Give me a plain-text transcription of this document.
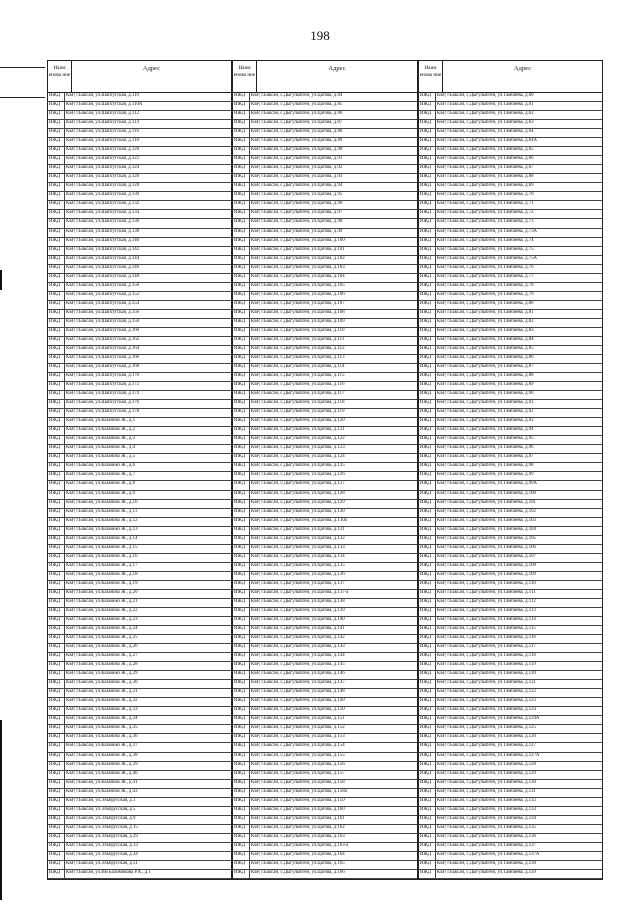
198
Наим енова ние
Адрес
ИЖД	КБР, г.Баксан, ул.Шапсугская, д.110
ИЖД	КБР, г.Баксан, ул.Шапсугская, д.110А
ИЖД	КБР, г.Баксан, ул.Шапсугская, д.112
ИЖД	КБР, г.Баксан, ул.Шапсугская, д.114
ИЖД	КБР, г.Баксан, ул.Шапсугская, д.116
ИЖД	КБР, г.Баксан, ул.Шапсугская, д.118
ИЖД	КБР, г.Баксан, ул.Шапсугская, д.120
ИЖД	КБР, г.Баксан, ул.Шапсугская, д.122
ИЖД	КБР, г.Баксан, ул.Шапсугская, д.124
ИЖД	КБР, г.Баксан, ул.Шапсугская, д.126
ИЖД	КБР, г.Баксан, ул.Шапсугская, д.128
ИЖД	КБР, г.Баксан, ул.Шапсугская, д.130
ИЖД	КБР, г.Баксан, ул.Шапсугская, д.132
ИЖД	КБР, г.Баксан, ул.Шапсугская, д.134
ИЖД	КБР, г.Баксан, ул.Шапсугская, д.136
ИЖД	КБР, г.Баксан, ул.Шапсугская, д.138
ИЖД	КБР, г.Баксан, ул.Шапсугская, д.140
ИЖД	КБР, г.Баксан, ул.Шапсугская, д.142
ИЖД	КБР, г.Баксан, ул.Шапсугская, д.144
ИЖД	КБР, г.Баксан, ул.Шапсугская, д.146
ИЖД	КБР, г.Баксан, ул.Шапсугская, д.148
ИЖД	КБР, г.Баксан, ул.Шапсугская, д.150
ИЖД	КБР, г.Баксан, ул.Шапсугская, д.152
ИЖД	КБР, г.Баксан, ул.Шапсугская, д.154
ИЖД	КБР, г.Баксан, ул.Шапсугская, д.156
ИЖД	КБР, г.Баксан, ул.Шапсугская, д.158
ИЖД	КБР, г.Баксан, ул.Шапсугская, д.160
ИЖД	КБР, г.Баксан, ул.Шапсугская, д.162
ИЖД	КБР, г.Баксан, ул.Шапсугская, д.164
ИЖД	КБР, г.Баксан, ул.Шапсугская, д.166
ИЖД	КБР, г.Баксан, ул.Шапсугская, д.168
ИЖД	КБР, г.Баксан, ул.Шапсугская, д.170
ИЖД	КБР, г.Баксан, ул.Шапсугская, д.172
ИЖД	КБР, г.Баксан, ул.Шапсугская, д.174
ИЖД	КБР, г.Баксан, ул.Шапсугская, д.176
ИЖД	КБР, г.Баксан, ул.Шапсугская, д.178
ИЖД	КБР, г.Баксан, ул.Казаноко Ж., д.1
ИЖД	КБР, г.Баксан, ул.Казаноко Ж., д.2
ИЖД	КБР, г.Баксан, ул.Казаноко Ж., д.3
ИЖД	КБР, г.Баксан, ул.Казаноко Ж., д.4
ИЖД	КБР, г.Баксан, ул.Казаноко Ж., д.5
ИЖД	КБР, г.Баксан, ул.Казаноко Ж., д.6
ИЖД	КБР, г.Баксан, ул.Казаноко Ж., д.7
ИЖД	КБР, г.Баксан, ул.Казаноко Ж., д.8
ИЖД	КБР, г.Баксан, ул.Казаноко Ж., д.9
ИЖД	КБР, г.Баксан, ул.Казаноко Ж., д.10
ИЖД	КБР, г.Баксан, ул.Казаноко Ж., д.11
ИЖД	КБР, г.Баксан, ул.Казаноко Ж., д.12
ИЖД	КБР, г.Баксан, ул.Казаноко Ж., д.13
ИЖД	КБР, г.Баксан, ул.Казаноко Ж., д.14
ИЖД	КБР, г.Баксан, ул.Казаноко Ж., д.15
ИЖД	КБР, г.Баксан, ул.Казаноко Ж., д.16
ИЖД	КБР, г.Баксан, ул.Казаноко Ж., д.17
ИЖД	КБР, г.Баксан, ул.Казаноко Ж., д.18
ИЖД	КБР, г.Баксан, ул.Казаноко Ж., д.19
ИЖД	КБР, г.Баксан, ул.Казаноко Ж., д.20
ИЖД	КБР, г.Баксан, ул.Казаноко Ж., д.21
ИЖД	КБР, г.Баксан, ул.Казаноко Ж., д.22
ИЖД	КБР, г.Баксан, ул.Казаноко Ж., д.23
ИЖД	КБР, г.Баксан, ул.Казаноко Ж., д.24
ИЖД	КБР, г.Баксан, ул.Казаноко Ж., д.25
ИЖД	КБР, г.Баксан, ул.Казаноко Ж., д.26
ИЖД	КБР, г.Баксан, ул.Казаноко Ж., д.27
ИЖД	КБР, г.Баксан, ул.Казаноко Ж., д.28
ИЖД	КБР, г.Баксан, ул.Казаноко Ж., д.29
ИЖД	КБР, г.Баксан, ул.Казаноко Ж., д.30
ИЖД	КБР, г.Баксан, ул.Казаноко Ж., д.31
ИЖД	КБР, г.Баксан, ул.Казаноко Ж., д.32
ИЖД	КБР, г.Баксан, ул.Казаноко Ж., д.33
ИЖД	КБР, г.Баксан, ул.Казаноко Ж., д.34
ИЖД	КБР, г.Баксан, ул.Казаноко Ж., д.35
ИЖД	КБР, г.Баксан, ул.Казаноко Ж., д.36
ИЖД	КБР, г.Баксан, ул.Казаноко Ж., д.37
ИЖД	КБР, г.Баксан, ул.Казаноко Ж., д.38
ИЖД	КБР, г.Баксан, ул.Казаноко Ж., д.39
ИЖД	КБР, г.Баксан, ул.Казаноко Ж., д.40
ИЖД	КБР, г.Баксан, ул.Казаноко Ж., д.41
ИЖД	КБР, г.Баксан, ул.Казаноко Ж., д.43
ИЖД	КБР, г.Баксан, ул.Эльбрусская, д.1
ИЖД	КБР, г.Баксан, ул.Эльбрусская, д.5
ИЖД	КБР, г.Баксан, ул.Эльбрусская, д.9
ИЖД	КБР, г.Баксан, ул.Эльбрусская, д.15
ИЖД	КБР, г.Баксан, ул.Эльбрусская, д.29
ИЖД	КБР, г.Баксан, ул.Эльбрусская, д.33
ИЖД	КБР, г.Баксан, ул.Эльбрусская, д.34
ИЖД	КБР, г.Баксан, ул.Эльбрусская, д.51
ИЖД	КБР, г.Баксан, ул.Им Балимикова Р.А., д.1
Наим енова ние
Адрес
ИЖД	КБР, г.Баксан, с.Дыгулыбгей, ул.Цагова, д.84
ИЖД	КБР, г.Баксан, с.Дыгулыбгей, ул.Цагова, д.85
ИЖД	КБР, г.Баксан, с.Дыгулыбгей, ул.Цагова, д.86
ИЖД	КБР, г.Баксан, с.Дыгулыбгей, ул.Цагова, д.87
ИЖД	КБР, г.Баксан, с.Дыгулыбгей, ул.Цагова, д.88
ИЖД	КБР, г.Баксан, с.Дыгулыбгей, ул.Цагова, д.89
ИЖД	КБР, г.Баксан, с.Дыгулыбгей, ул.Цагова, д.90
ИЖД	КБР, г.Баксан, с.Дыгулыбгей, ул.Цагова, д.91
ИЖД	КБР, г.Баксан, с.Дыгулыбгей, ул.Цагова, д.92
ИЖД	КБР, г.Баксан, с.Дыгулыбгей, ул.Цагова, д.93
ИЖД	КБР, г.Баксан, с.Дыгулыбгей, ул.Цагова, д.94
ИЖД	КБР, г.Баксан, с.Дыгулыбгей, ул.Цагова, д.95
ИЖД	КБР, г.Баксан, с.Дыгулыбгей, ул.Цагова, д.96
ИЖД	КБР, г.Баксан, с.Дыгулыбгей, ул.Цагова, д.97
ИЖД	КБР, г.Баксан, с.Дыгулыбгей, ул.Цагова, д.98
ИЖД	КБР, г.Баксан, с.Дыгулыбгей, ул.Цагова, д.99
ИЖД	КБР, г.Баксан, с.Дыгулыбгей, ул.Цагова, д.100
ИЖД	КБР, г.Баксан, с.Дыгулыбгей, ул.Цагова, д.101
ИЖД	КБР, г.Баксан, с.Дыгулыбгей, ул.Цагова, д.102
ИЖД	КБР, г.Баксан, с.Дыгулыбгей, ул.Цагова, д.103
ИЖД	КБР, г.Баксан, с.Дыгулыбгей, ул.Цагова, д.104
ИЖД	КБР, г.Баксан, с.Дыгулыбгей, ул.Цагова, д.105
ИЖД	КБР, г.Баксан, с.Дыгулыбгей, ул.Цагова, д.106
ИЖД	КБР, г.Баксан, с.Дыгулыбгей, ул.Цагова, д.107
ИЖД	КБР, г.Баксан, с.Дыгулыбгей, ул.Цагова, д.108
ИЖД	КБР, г.Баксан, с.Дыгулыбгей, ул.Цагова, д.109
ИЖД	КБР, г.Баксан, с.Дыгулыбгей, ул.Цагова, д.110
ИЖД	КБР, г.Баксан, с.Дыгулыбгей, ул.Цагова, д.111
ИЖД	КБР, г.Баксан, с.Дыгулыбгей, ул.Цагова, д.112
ИЖД	КБР, г.Баксан, с.Дыгулыбгей, ул.Цагова, д.113
ИЖД	КБР, г.Баксан, с.Дыгулыбгей, ул.Цагова, д.114
ИЖД	КБР, г.Баксан, с.Дыгулыбгей, ул.Цагова, д.115
ИЖД	КБР, г.Баксан, с.Дыгулыбгей, ул.Цагова, д.116
ИЖД	КБР, г.Баксан, с.Дыгулыбгей, ул.Цагова, д.117
ИЖД	КБР, г.Баксан, с.Дыгулыбгей, ул.Цагова, д.118
ИЖД	КБР, г.Баксан, с.Дыгулыбгей, ул.Цагова, д.119
ИЖД	КБР, г.Баксан, с.Дыгулыбгей, ул.Цагова, д.120
ИЖД	КБР, г.Баксан, с.Дыгулыбгей, ул.Цагова, д.121
ИЖД	КБР, г.Баксан, с.Дыгулыбгей, ул.Цагова, д.122
ИЖД	КБР, г.Баксан, с.Дыгулыбгей, ул.Цагова, д.123
ИЖД	КБР, г.Баксан, с.Дыгулыбгей, ул.Цагова, д.124
ИЖД	КБР, г.Баксан, с.Дыгулыбгей, ул.Цагова, д.125
ИЖД	КБР, г.Баксан, с.Дыгулыбгей, ул.Цагова, д.126
ИЖД	КБР, г.Баксан, с.Дыгулыбгей, ул.Цагова, д.127
ИЖД	КБР, г.Баксан, с.Дыгулыбгей, ул.Цагова, д.128
ИЖД	КБР, г.Баксан, с.Дыгулыбгей, ул.Цагова, д.129
ИЖД	КБР, г.Баксан, с.Дыгулыбгей, ул.Цагова, д.130
ИЖД	КБР, г.Баксан, с.Дыгулыбгей, ул.Цагова, д.130а
ИЖД	КБР, г.Баксан, с.Дыгулыбгей, ул.Цагова, д.131
ИЖД	КБР, г.Баксан, с.Дыгулыбгей, ул.Цагова, д.132
ИЖД	КБР, г.Баксан, с.Дыгулыбгей, ул.Цагова, д.133
ИЖД	КБР, г.Баксан, с.Дыгулыбгей, ул.Цагова, д.134
ИЖД	КБР, г.Баксан, с.Дыгулыбгей, ул.Цагова, д.135
ИЖД	КБР, г.Баксан, с.Дыгулыбгей, ул.Цагова, д.136
ИЖД	КБР, г.Баксан, с.Дыгулыбгей, ул.Цагова, д.137
ИЖД	КБР, г.Баксан, с.Дыгулыбгей, ул.Цагова, д.137-а
ИЖД	КБР, г.Баксан, с.Дыгулыбгей, ул.Цагова, д.138
ИЖД	КБР, г.Баксан, с.Дыгулыбгей, ул.Цагова, д.139
ИЖД	КБР, г.Баксан, с.Дыгулыбгей, ул.Цагова, д.140
ИЖД	КБР, г.Баксан, с.Дыгулыбгей, ул.Цагова, д.141
ИЖД	КБР, г.Баксан, с.Дыгулыбгей, ул.Цагова, д.142
ИЖД	КБР, г.Баксан, с.Дыгулыбгей, ул.Цагова, д.143
ИЖД	КБР, г.Баксан, с.Дыгулыбгей, ул.Цагова, д.144
ИЖД	КБР, г.Баксан, с.Дыгулыбгей, ул.Цагова, д.145
ИЖД	КБР, г.Баксан, с.Дыгулыбгей, ул.Цагова, д.146
ИЖД	КБР, г.Баксан, с.Дыгулыбгей, ул.Цагова, д.147
ИЖД	КБР, г.Баксан, с.Дыгулыбгей, ул.Цагова, д.148
ИЖД	КБР, г.Баксан, с.Дыгулыбгей, ул.Цагова, д.149
ИЖД	КБР, г.Баксан, с.Дыгулыбгей, ул.Цагова, д.150
ИЖД	КБР, г.Баксан, с.Дыгулыбгей, ул.Цагова, д.151
ИЖД	КБР, г.Баксан, с.Дыгулыбгей, ул.Цагова, д.152
ИЖД	КБР, г.Баксан, с.Дыгулыбгей, ул.Цагова, д.153
ИЖД	КБР, г.Баксан, с.Дыгулыбгей, ул.Цагова, д.154
ИЖД	КБР, г.Баксан, с.Дыгулыбгей, ул.Цагова, д.155
ИЖД	КБР, г.Баксан, с.Дыгулыбгей, ул.Цагова, д.156
ИЖД	КБР, г.Баксан, с.Дыгулыбгей, ул.Цагова, д.157
ИЖД	КБР, г.Баксан, с.Дыгулыбгей, ул.Цагова, д.158
ИЖД	КБР, г.Баксан, с.Дыгулыбгей, ул.Цагова, д.158а
ИЖД	КБР, г.Баксан, с.Дыгулыбгей, ул.Цагова, д.159
ИЖД	КБР, г.Баксан, с.Дыгулыбгей, ул.Цагова, д.160
ИЖД	КБР, г.Баксан, с.Дыгулыбгей, ул.Цагова, д.161
ИЖД	КБР, г.Баксан, с.Дыгулыбгей, ул.Цагова, д.162
ИЖД	КБР, г.Баксан, с.Дыгулыбгей, ул.Цагова, д.163
ИЖД	КБР, г.Баксан, с.Дыгулыбгей, ул.Цагова, д.163-а
ИЖД	КБР, г.Баксан, с.Дыгулыбгей, ул.Цагова, д.164
ИЖД	КБР, г.Баксан, с.Дыгулыбгей, ул.Цагова, д.165
ИЖД	КБР, г.Баксан, с.Дыгулыбгей, ул.Цагова, д.166
Наим енова ние
Адрес
ИЖД	КБР, г.Баксан, с.Дыгулыбгей, ул.Тамбиева, д.60
ИЖД	КБР, г.Баксан, с.Дыгулыбгей, ул.Тамбиева, д.61
ИЖД	КБР, г.Баксан, с.Дыгулыбгей, ул.Тамбиева, д.62
ИЖД	КБР, г.Баксан, с.Дыгулыбгей, ул.Тамбиева, д.63
ИЖД	КБР, г.Баксан, с.Дыгулыбгей, ул.Тамбиева, д.64
ИЖД	КБР, г.Баксан, с.Дыгулыбгей, ул.Тамбиева, д.64А
ИЖД	КБР, г.Баксан, с.Дыгулыбгей, ул.Тамбиева, д.65
ИЖД	КБР, г.Баксан, с.Дыгулыбгей, ул.Тамбиева, д.66
ИЖД	КБР, г.Баксан, с.Дыгулыбгей, ул.Тамбиева, д.67
ИЖД	КБР, г.Баксан, с.Дыгулыбгей, ул.Тамбиева, д.68
ИЖД	КБР, г.Баксан, с.Дыгулыбгей, ул.Тамбиева, д.69
ИЖД	КБР, г.Баксан, с.Дыгулыбгей, ул.Тамбиева, д.70
ИЖД	КБР, г.Баксан, с.Дыгулыбгей, ул.Тамбиева, д.71
ИЖД	КБР, г.Баксан, с.Дыгулыбгей, ул.Тамбиева, д.72
ИЖД	КБР, г.Баксан, с.Дыгулыбгей, ул.Тамбиева, д.73
ИЖД	КБР, г.Баксан, с.Дыгулыбгей, ул.Тамбиева, д.73А
ИЖД	КБР, г.Баксан, с.Дыгулыбгей, ул.Тамбиева, д.74
ИЖД	КБР, г.Баксан, с.Дыгулыбгей, ул.Тамбиева, д.75
ИЖД	КБР, г.Баксан, с.Дыгулыбгей, ул.Тамбиева, д.75А
ИЖД	КБР, г.Баксан, с.Дыгулыбгей, ул.Тамбиева, д.76
ИЖД	КБР, г.Баксан, с.Дыгулыбгей, ул.Тамбиева, д.77
ИЖД	КБР, г.Баксан, с.Дыгулыбгей, ул.Тамбиева, д.78
ИЖД	КБР, г.Баксан, с.Дыгулыбгей, ул.Тамбиева, д.79
ИЖД	КБР, г.Баксан, с.Дыгулыбгей, ул.Тамбиева, д.80
ИЖД	КБР, г.Баксан, с.Дыгулыбгей, ул.Тамбиева, д.81
ИЖД	КБР, г.Баксан, с.Дыгулыбгей, ул.Тамбиева, д.82
ИЖД	КБР, г.Баксан, с.Дыгулыбгей, ул.Тамбиева, д.83
ИЖД	КБР, г.Баксан, с.Дыгулыбгей, ул.Тамбиева, д.84
ИЖД	КБР, г.Баксан, с.Дыгулыбгей, ул.Тамбиева, д.85
ИЖД	КБР, г.Баксан, с.Дыгулыбгей, ул.Тамбиева, д.86
ИЖД	КБР, г.Баксан, с.Дыгулыбгей, ул.Тамбиева, д.87
ИЖД	КБР, г.Баксан, с.Дыгулыбгей, ул.Тамбиева, д.88
ИЖД	КБР, г.Баксан, с.Дыгулыбгей, ул.Тамбиева, д.89
ИЖД	КБР, г.Баксан, с.Дыгулыбгей, ул.Тамбиева, д.90
ИЖД	КБР, г.Баксан, с.Дыгулыбгей, ул.Тамбиева, д.91
ИЖД	КБР, г.Баксан, с.Дыгулыбгей, ул.Тамбиева, д.92
ИЖД	КБР, г.Баксан, с.Дыгулыбгей, ул.Тамбиева, д.93
ИЖД	КБР, г.Баксан, с.Дыгулыбгей, ул.Тамбиева, д.94
ИЖД	КБР, г.Баксан, с.Дыгулыбгей, ул.Тамбиева, д.95
ИЖД	КБР, г.Баксан, с.Дыгулыбгей, ул.Тамбиева, д.96
ИЖД	КБР, г.Баксан, с.Дыгулыбгей, ул.Тамбиева, д.97
ИЖД	КБР, г.Баксан, с.Дыгулыбгей, ул.Тамбиева, д.98
ИЖД	КБР, г.Баксан, с.Дыгулыбгей, ул.Тамбиева, д.99
ИЖД	КБР, г.Баксан, с.Дыгулыбгей, ул.Тамбиева, д.99А
ИЖД	КБР, г.Баксан, с.Дыгулыбгей, ул.Тамбиева, д.100
ИЖД	КБР, г.Баксан, с.Дыгулыбгей, ул.Тамбиева, д.101
ИЖД	КБР, г.Баксан, с.Дыгулыбгей, ул.Тамбиева, д.102
ИЖД	КБР, г.Баксан, с.Дыгулыбгей, ул.Тамбиева, д.103
ИЖД	КБР, г.Баксан, с.Дыгулыбгей, ул.Тамбиева, д.104
ИЖД	КБР, г.Баксан, с.Дыгулыбгей, ул.Тамбиева, д.105
ИЖД	КБР, г.Баксан, с.Дыгулыбгей, ул.Тамбиева, д.106
ИЖД	КБР, г.Баксан, с.Дыгулыбгей, ул.Тамбиева, д.107
ИЖД	КБР, г.Баксан, с.Дыгулыбгей, ул.Тамбиева, д.108
ИЖД	КБР, г.Баксан, с.Дыгулыбгей, ул.Тамбиева, д.109
ИЖД	КБР, г.Баксан, с.Дыгулыбгей, ул.Тамбиева, д.110
ИЖД	КБР, г.Баксан, с.Дыгулыбгей, ул.Тамбиева, д.111
ИЖД	КБР, г.Баксан, с.Дыгулыбгей, ул.Тамбиева, д.112
ИЖД	КБР, г.Баксан, с.Дыгулыбгей, ул.Тамбиева, д.113
ИЖД	КБР, г.Баксан, с.Дыгулыбгей, ул.Тамбиева, д.114
ИЖД	КБР, г.Баксан, с.Дыгулыбгей, ул.Тамбиева, д.115
ИЖД	КБР, г.Баксан, с.Дыгулыбгей, ул.Тамбиева, д.116
ИЖД	КБР, г.Баксан, с.Дыгулыбгей, ул.Тамбиева, д.117
ИЖД	КБР, г.Баксан, с.Дыгулыбгей, ул.Тамбиева, д.118
ИЖД	КБР, г.Баксан, с.Дыгулыбгей, ул.Тамбиева, д.119
ИЖД	КБР, г.Баксан, с.Дыгулыбгей, ул.Тамбиева, д.120
ИЖД	КБР, г.Баксан, с.Дыгулыбгей, ул.Тамбиева, д.121
ИЖД	КБР, г.Баксан, с.Дыгулыбгей, ул.Тамбиева, д.122
ИЖД	КБР, г.Баксан, с.Дыгулыбгей, ул.Тамбиева, д.123
ИЖД	КБР, г.Баксан, с.Дыгулыбгей, ул.Тамбиева, д.124
ИЖД	КБР, г.Баксан, с.Дыгулыбгей, ул.Тамбиева, д.124А
ИЖД	КБР, г.Баксан, с.Дыгулыбгей, ул.Тамбиева, д.125
ИЖД	КБР, г.Баксан, с.Дыгулыбгей, ул.Тамбиева, д.126
ИЖД	КБР, г.Баксан, с.Дыгулыбгей, ул.Тамбиева, д.127
ИЖД	КБР, г.Баксан, с.Дыгулыбгей, ул.Тамбиева, д.127А
ИЖД	КБР, г.Баксан, с.Дыгулыбгей, ул.Тамбиева, д.128
ИЖД	КБР, г.Баксан, с.Дыгулыбгей, ул.Тамбиева, д.129
ИЖД	КБР, г.Баксан, с.Дыгулыбгей, ул.Тамбиева, д.130
ИЖД	КБР, г.Баксан, с.Дыгулыбгей, ул.Тамбиева, д.131
ИЖД	КБР, г.Баксан, с.Дыгулыбгей, ул.Тамбиева, д.132
ИЖД	КБР, г.Баксан, с.Дыгулыбгей, ул.Тамбиева, д.133
ИЖД	КБР, г.Баксан, с.Дыгулыбгей, ул.Тамбиева, д.134
ИЖД	КБР, г.Баксан, с.Дыгулыбгей, ул.Тамбиева, д.135
ИЖД	КБР, г.Баксан, с.Дыгулыбгей, ул.Тамбиева, д.136
ИЖД	КБР, г.Баксан, с.Дыгулыбгей, ул.Тамбиева, д.137
ИЖД	КБР, г.Баксан, с.Дыгулыбгей, ул.Тамбиева, д.137А
ИЖД	КБР, г.Баксан, с.Дыгулыбгей, ул.Тамбиева, д.138
ИЖД	КБР, г.Баксан, с.Дыгулыбгей, ул.Тамбиева, д.139
